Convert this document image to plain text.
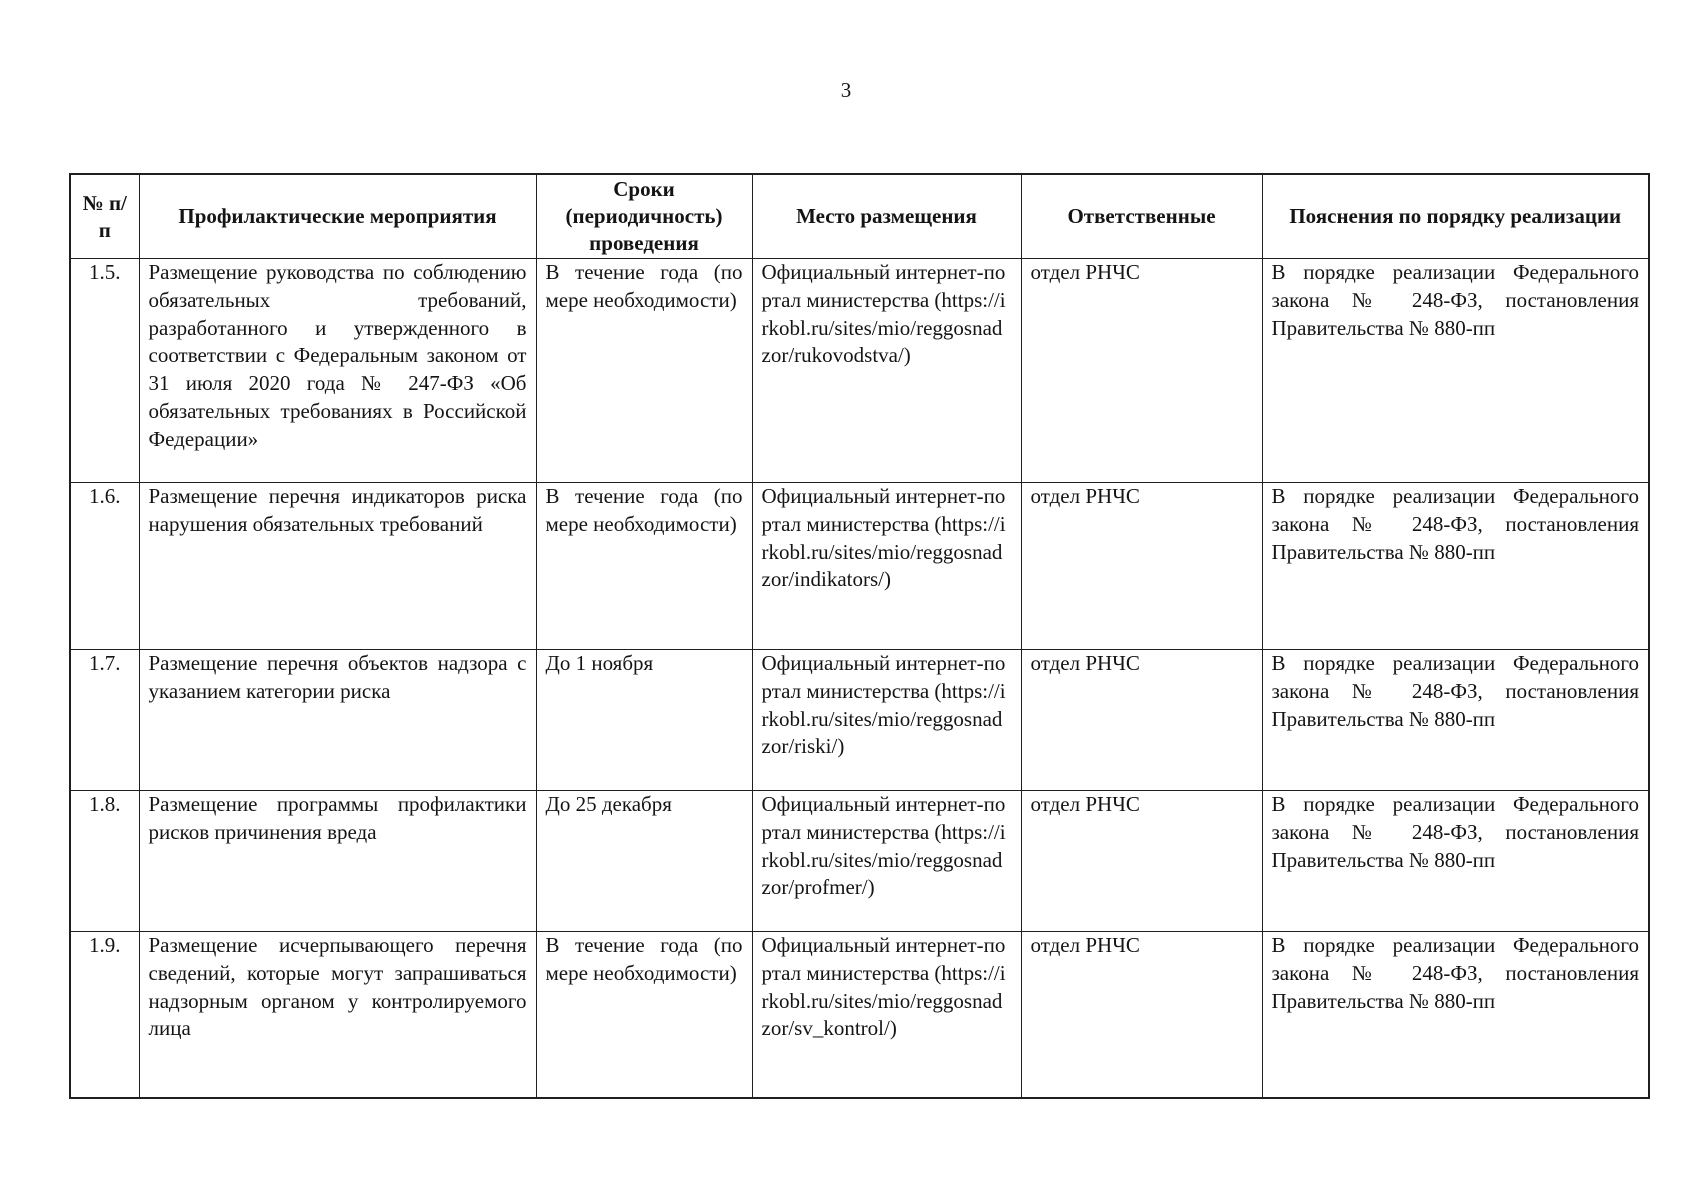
3
№ п/п	Профилактические мероприятия	Сроки (периодичность) проведения	Место размещения	Ответственные	Пояснения по порядку реализации
1.5.	Размещение руководства по соблюдению обязательных требований, разработанного и утвержденного в соответствии с Федеральным законом от 31 июля 2020 года № 247-ФЗ «Об обязательных требованиях в Российской Федерации»	В течение года (по мере необходимости)	Официальный интернет-портал министерства (https://irkobl.ru/sites/mio/reggosnadzor/rukovodstva/)	отдел РНЧС	В порядке реализации Федерального закона № 248-ФЗ, постановления Правительства № 880-пп
1.6.	Размещение перечня индикаторов риска нарушения обязательных требований	В течение года (по мере необходимости)	Официальный интернет-портал министерства (https://irkobl.ru/sites/mio/reggosnadzor/indikators/)	отдел РНЧС	В порядке реализации Федерального закона № 248-ФЗ, постановления Правительства № 880-пп
1.7.	Размещение перечня объектов надзора с указанием категории риска	До 1 ноября	Официальный интернет-портал министерства (https://irkobl.ru/sites/mio/reggosnadzor/riski/)	отдел РНЧС	В порядке реализации Федерального закона № 248-ФЗ, постановления Правительства № 880-пп
1.8.	Размещение программы профилактики рисков причинения вреда	До 25 декабря	Официальный интернет-портал министерства (https://irkobl.ru/sites/mio/reggosnadzor/profmer/)	отдел РНЧС	В порядке реализации Федерального закона № 248-ФЗ, постановления Правительства № 880-пп
1.9.	Размещение исчерпывающего перечня сведений, которые могут запрашиваться надзорным органом у контролируемого лица	В течение года (по мере необходимости)	Официальный интернет-портал министерства (https://irkobl.ru/sites/mio/reggosnadzor/sv_kontrol/)	отдел РНЧС	В порядке реализации Федерального закона № 248-ФЗ, постановления Правительства № 880-пп
